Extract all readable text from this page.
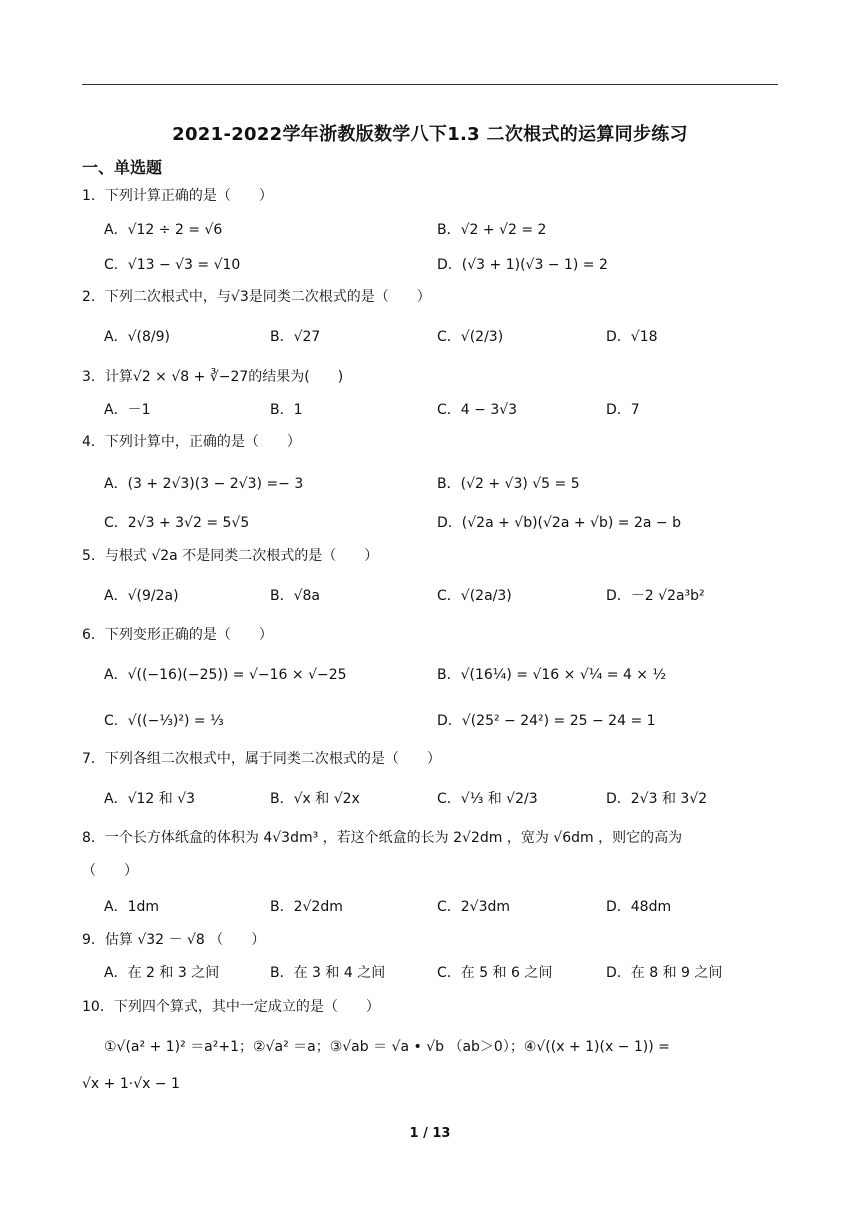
2021-2022学年浙教版数学八下1.3 二次根式的运算同步练习
一、单选题
1．下列计算正确的是（　　）
A．√12 ÷ 2 = √6	B．√2 + √2 = 2
C．√13 − √3 = √10	D．(√3 + 1)(√3 − 1) = 2
2．下列二次根式中，与√3是同类二次根式的是（　　）
A．√(8/9)	B．√27	C．√(2/3)	D．√18
3．计算√2 × √8 + ∛−27的结果为(　　)
A．－1	B．1	C．4 − 3√3	D．7
4．下列计算中，正确的是（　　）
A．(3 + 2√3)(3 − 2√3) =− 3	B．(√2 + √3) √5 = 5
C．2√3 + 3√2 = 5√5	D．(√2a + √b)(√2a + √b) = 2a − b
5．与根式 √2a 不是同类二次根式的是（　　）
A．√(9/2a)	B．√8a	C．√(2a/3)	D．－2 √2a³b²
6．下列变形正确的是（　　）
A．√((−16)(−25)) = √−16 × √−25	B．√(16¼) = √16 × √¼ = 4 × ½
C．√((−⅓)²) = ⅓	D．√(25² − 24²) = 25 − 24 = 1
7．下列各组二次根式中，属于同类二次根式的是（　　）
A．√12 和 √3	B．√x 和 √2x	C．√⅓ 和 √2/3	D．2√3 和 3√2
8．一个长方体纸盒的体积为 4√3dm³ ，若这个纸盒的长为 2√2dm ，宽为 √6dm ，则它的高为
（　　）
A．1dm	B．2√2dm	C．2√3dm	D．48dm
9．估算 √32 － √8 （　　）
A．在 2 和 3 之间	B．在 3 和 4 之间	C．在 5 和 6 之间	D．在 8 和 9 之间
10．下列四个算式，其中一定成立的是（　　）
①√(a² + 1)² ＝a²+1；②√a² ＝a；③√ab ＝ √a • √b （ab＞0）；④√((x + 1)(x − 1)) =
√x + 1·√x − 1
1 / 13
